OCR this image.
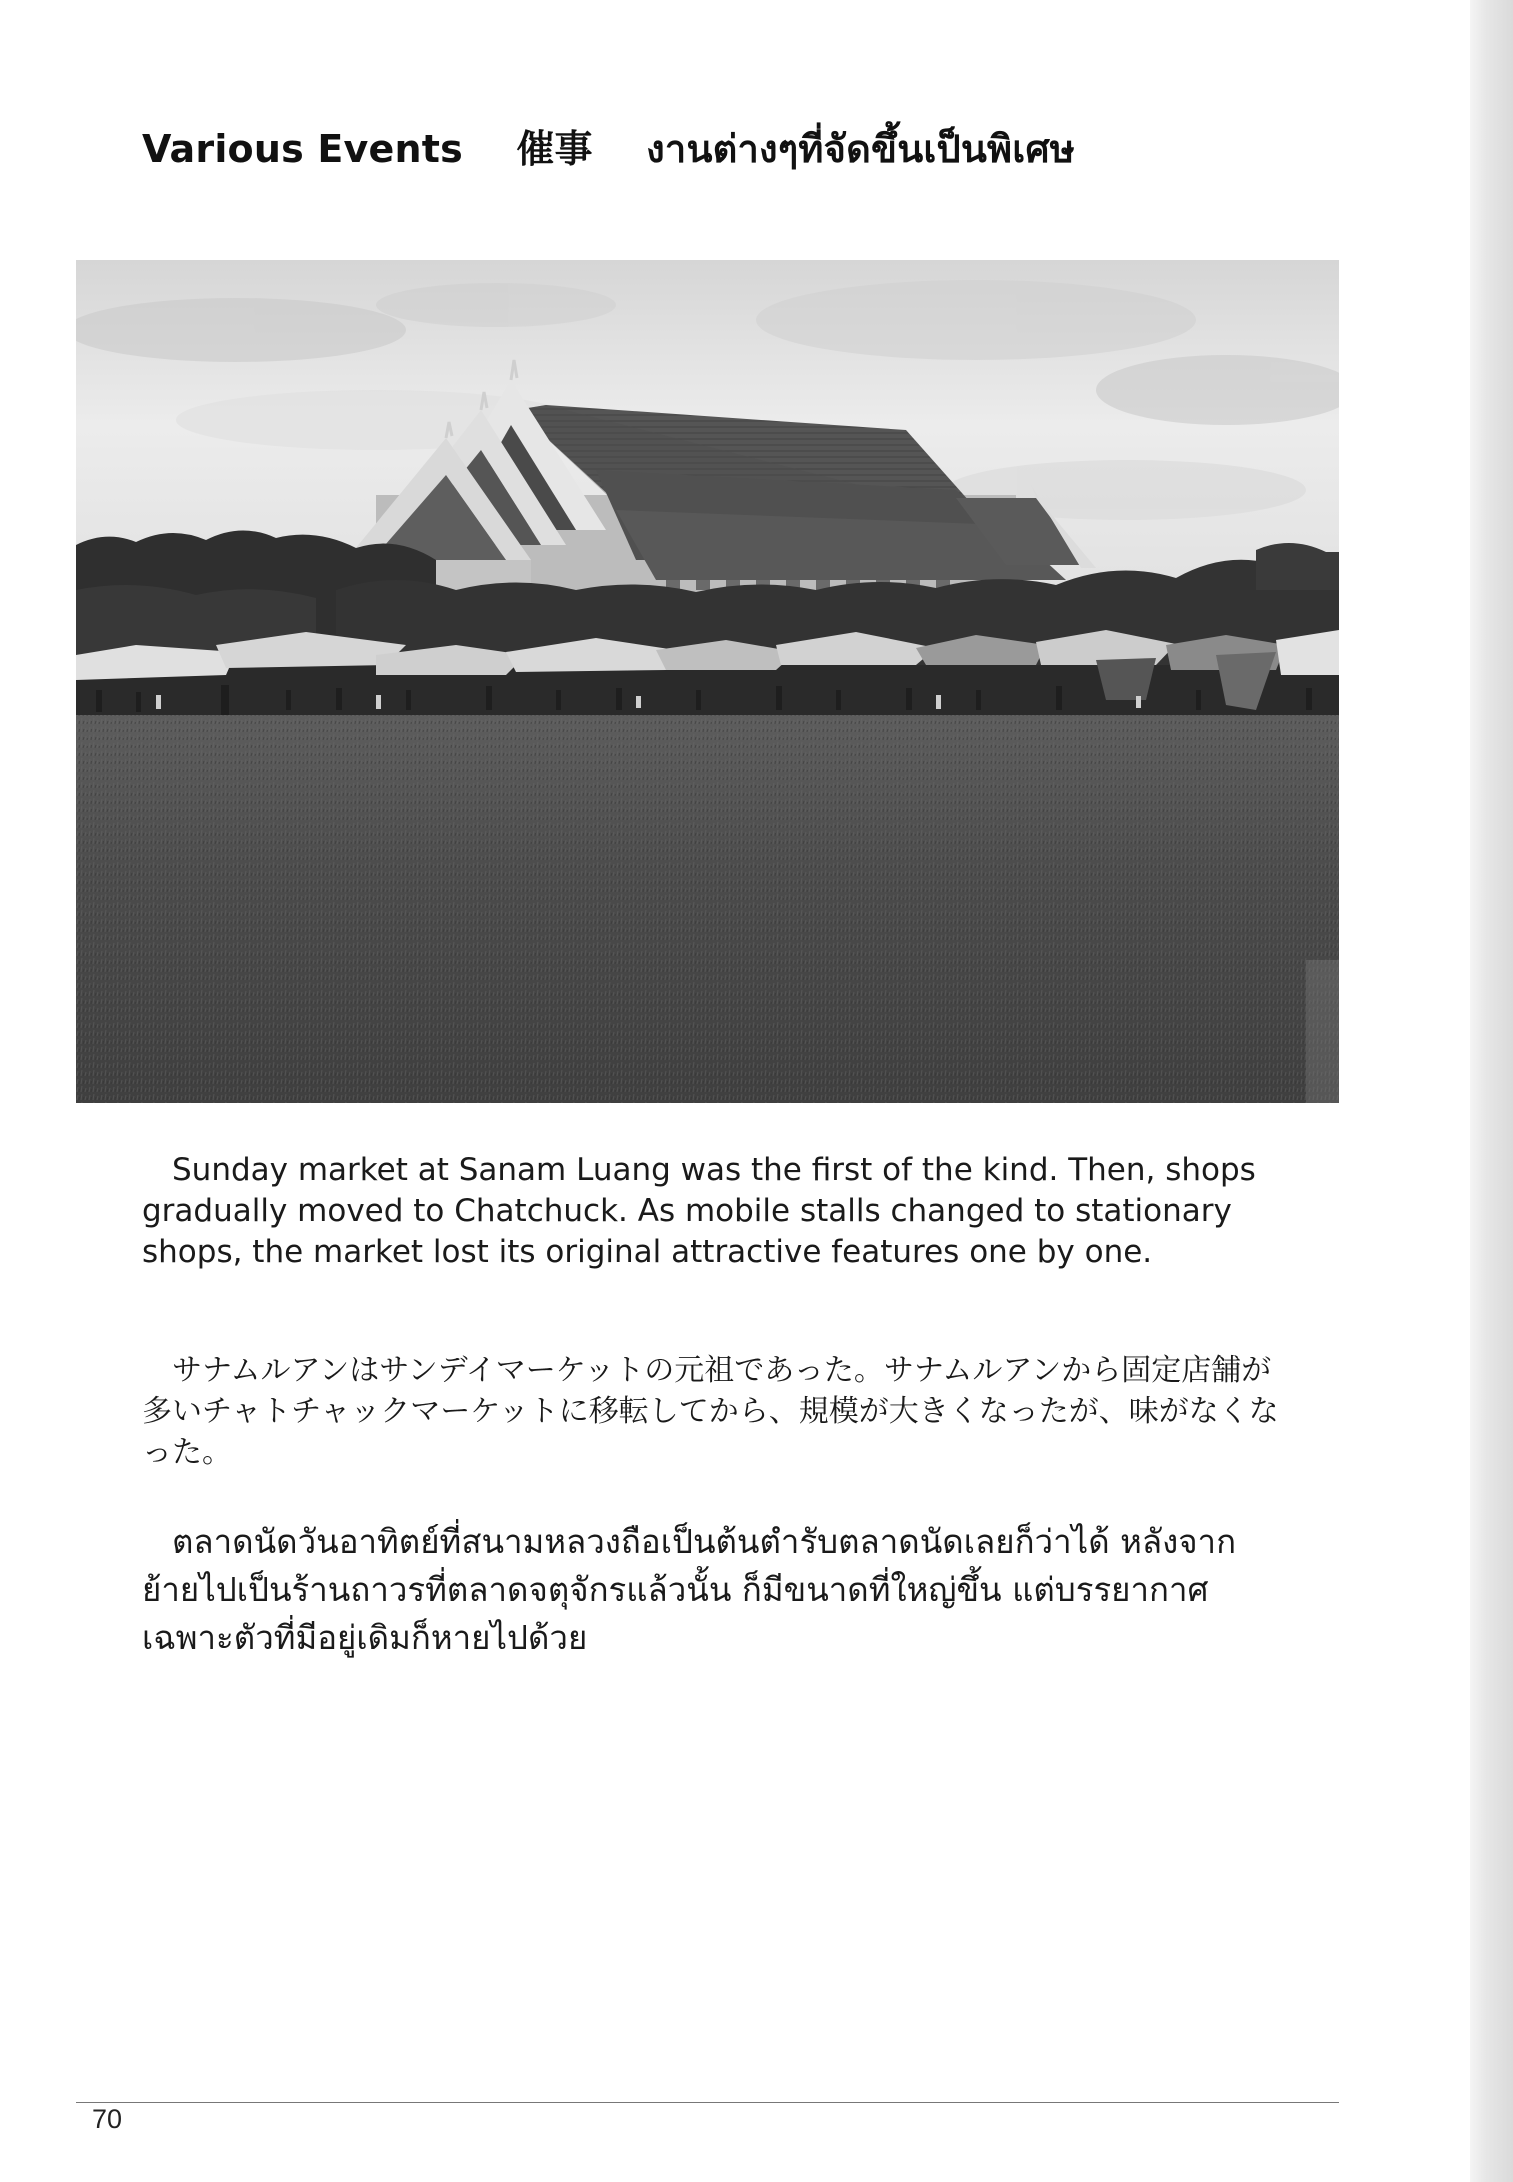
Various Events 催事 งานต่างๆที่จัดขึ้นเป็นพิเศษ

Sunday market at Sanam Luang was the first of the kind. Then, shops gradually moved to Chatchuck. As mobile stalls changed to stationary shops, the market lost its original attractive features one by one.

サナムルアンはサンデイマーケットの元祖であった。サナムルアンから固定店舗が多いチャトチャックマーケットに移転してから、規模が大きくなったが、味がなくなった。

ตลาดนัดวันอาทิตย์ที่สนามหลวงถือเป็นต้นตำรับตลาดนัดเลยก็ว่าได้ หลังจากย้ายไปเป็นร้านถาวรที่ตลาดจตุจักรแล้วนั้น ก็มีขนาดที่ใหญ่ขึ้น แต่บรรยากาศเฉพาะตัวที่มีอยู่เดิมก็หายไปด้วย

70
